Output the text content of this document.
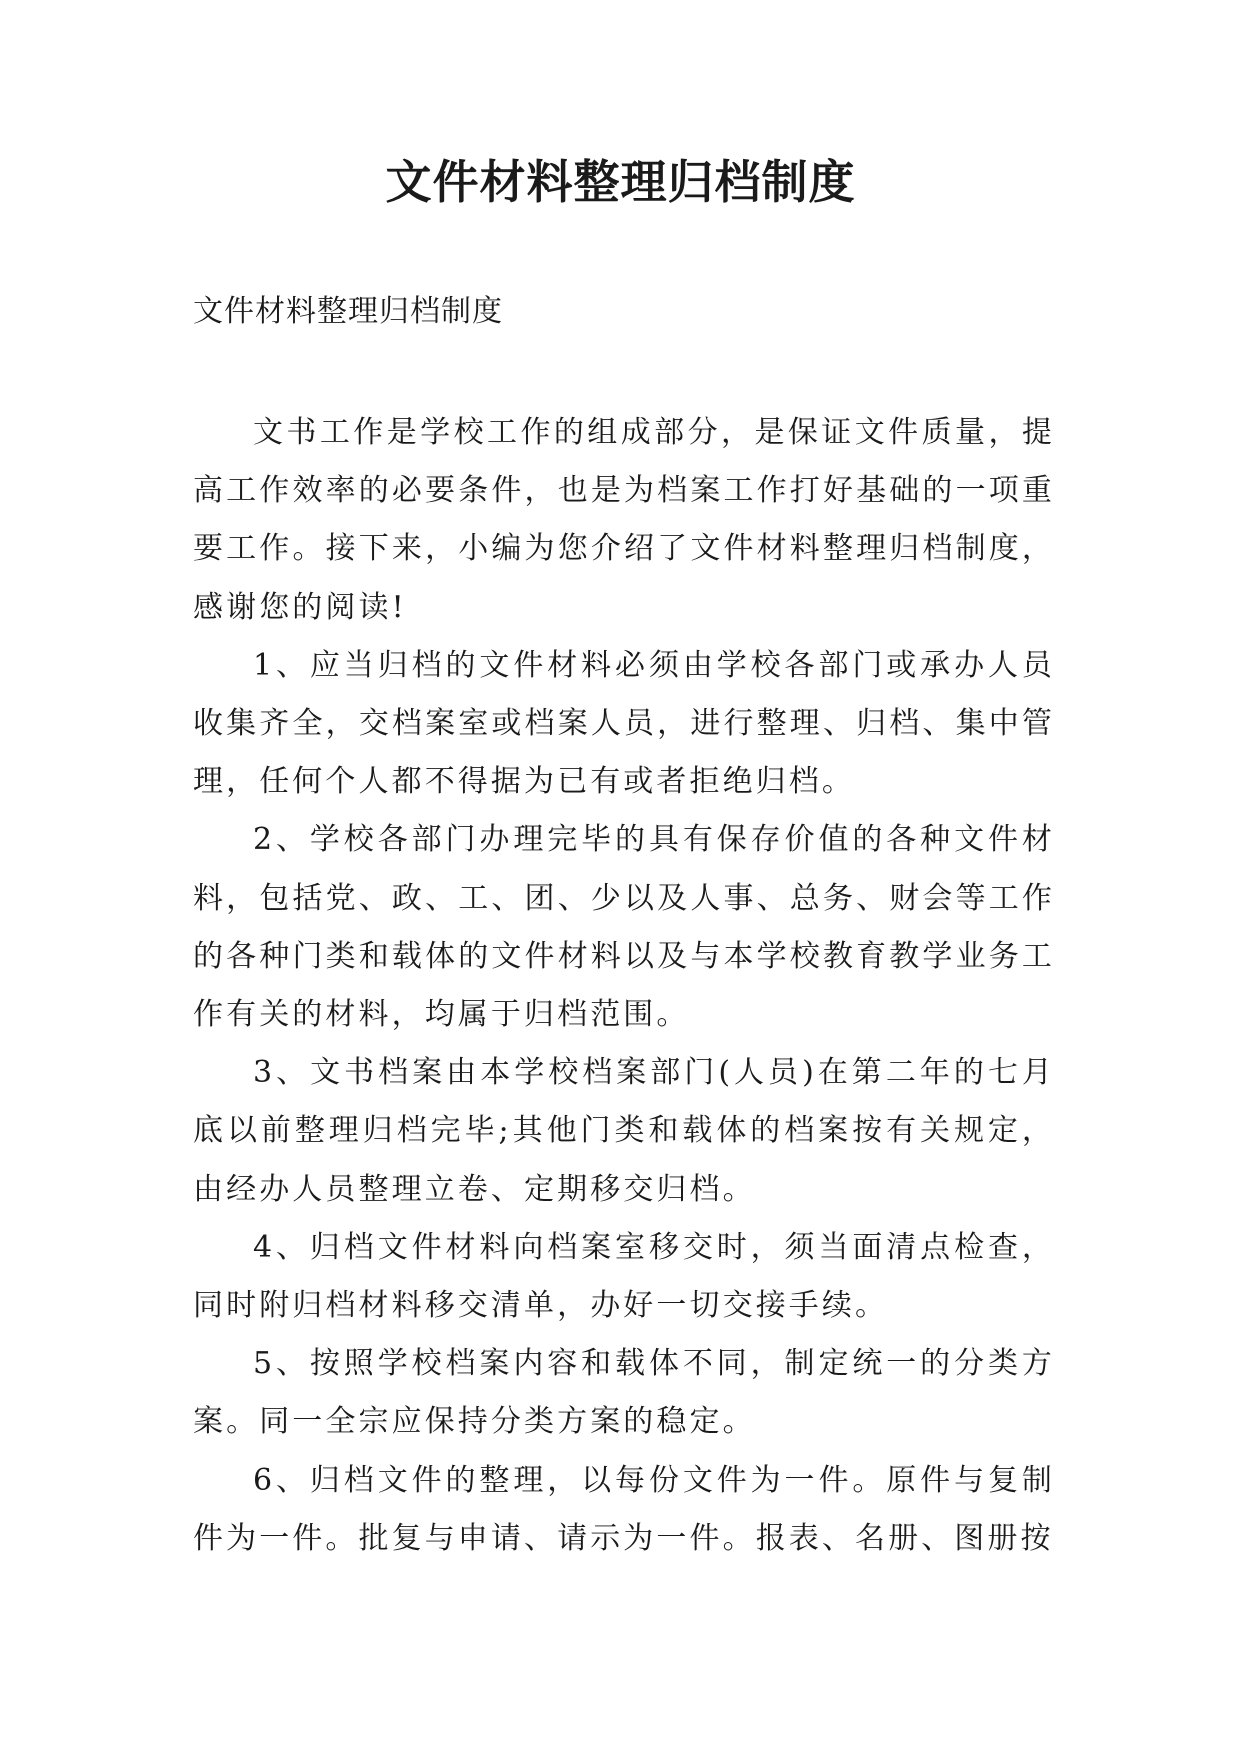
文件材料整理归档制度
文件材料整理归档制度

文书工作是学校工作的组成部分，是保证文件质量，提高工作效率的必要条件，也是为档案工作打好基础的一项重要工作。接下来，小编为您介绍了文件材料整理归档制度，感谢您的阅读!

1、应当归档的文件材料必须由学校各部门或承办人员收集齐全，交档案室或档案人员，进行整理、归档、集中管理，任何个人都不得据为已有或者拒绝归档。

2、学校各部门办理完毕的具有保存价值的各种文件材料，包括党、政、工、团、少以及人事、总务、财会等工作的各种门类和载体的文件材料以及与本学校教育教学业务工作有关的材料，均属于归档范围。

3、文书档案由本学校档案部门(人员)在第二年的七月底以前整理归档完毕;其他门类和载体的档案按有关规定，由经办人员整理立卷、定期移交归档。

4、归档文件材料向档案室移交时，须当面清点检查，同时附归档材料移交清单，办好一切交接手续。

5、按照学校档案内容和载体不同，制定统一的分类方案。同一全宗应保持分类方案的稳定。

6、归档文件的整理，以每份文件为一件。原件与复制件为一件。批复与申请、请示为一件。报表、名册、图册按
